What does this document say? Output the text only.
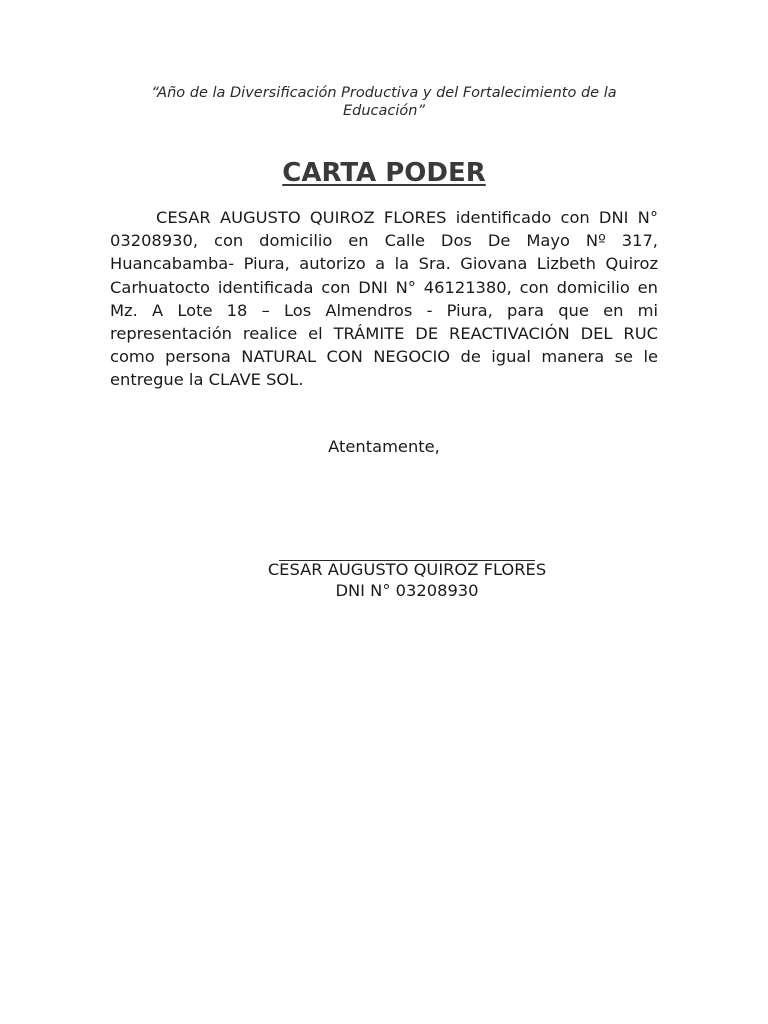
“Año de la Diversificación Productiva y del Fortalecimiento de la Educación”
CARTA PODER

CESAR AUGUSTO QUIROZ FLORES identificado con DNI N° 03208930, con domicilio en Calle Dos De Mayo Nº 317, Huancabamba- Piura, autorizo a la Sra. Giovana Lizbeth Quiroz Carhuatocto identificada con DNI N° 46121380, con domicilio en Mz. A Lote 18 – Los Almendros - Piura, para que en mi representación realice el TRÁMITE DE REACTIVACIÓN DEL RUC como persona NATURAL CON NEGOCIO de igual manera se le entregue la CLAVE SOL.

Atentamente,
CESAR AUGUSTO QUIROZ FLORES
DNI N° 03208930
